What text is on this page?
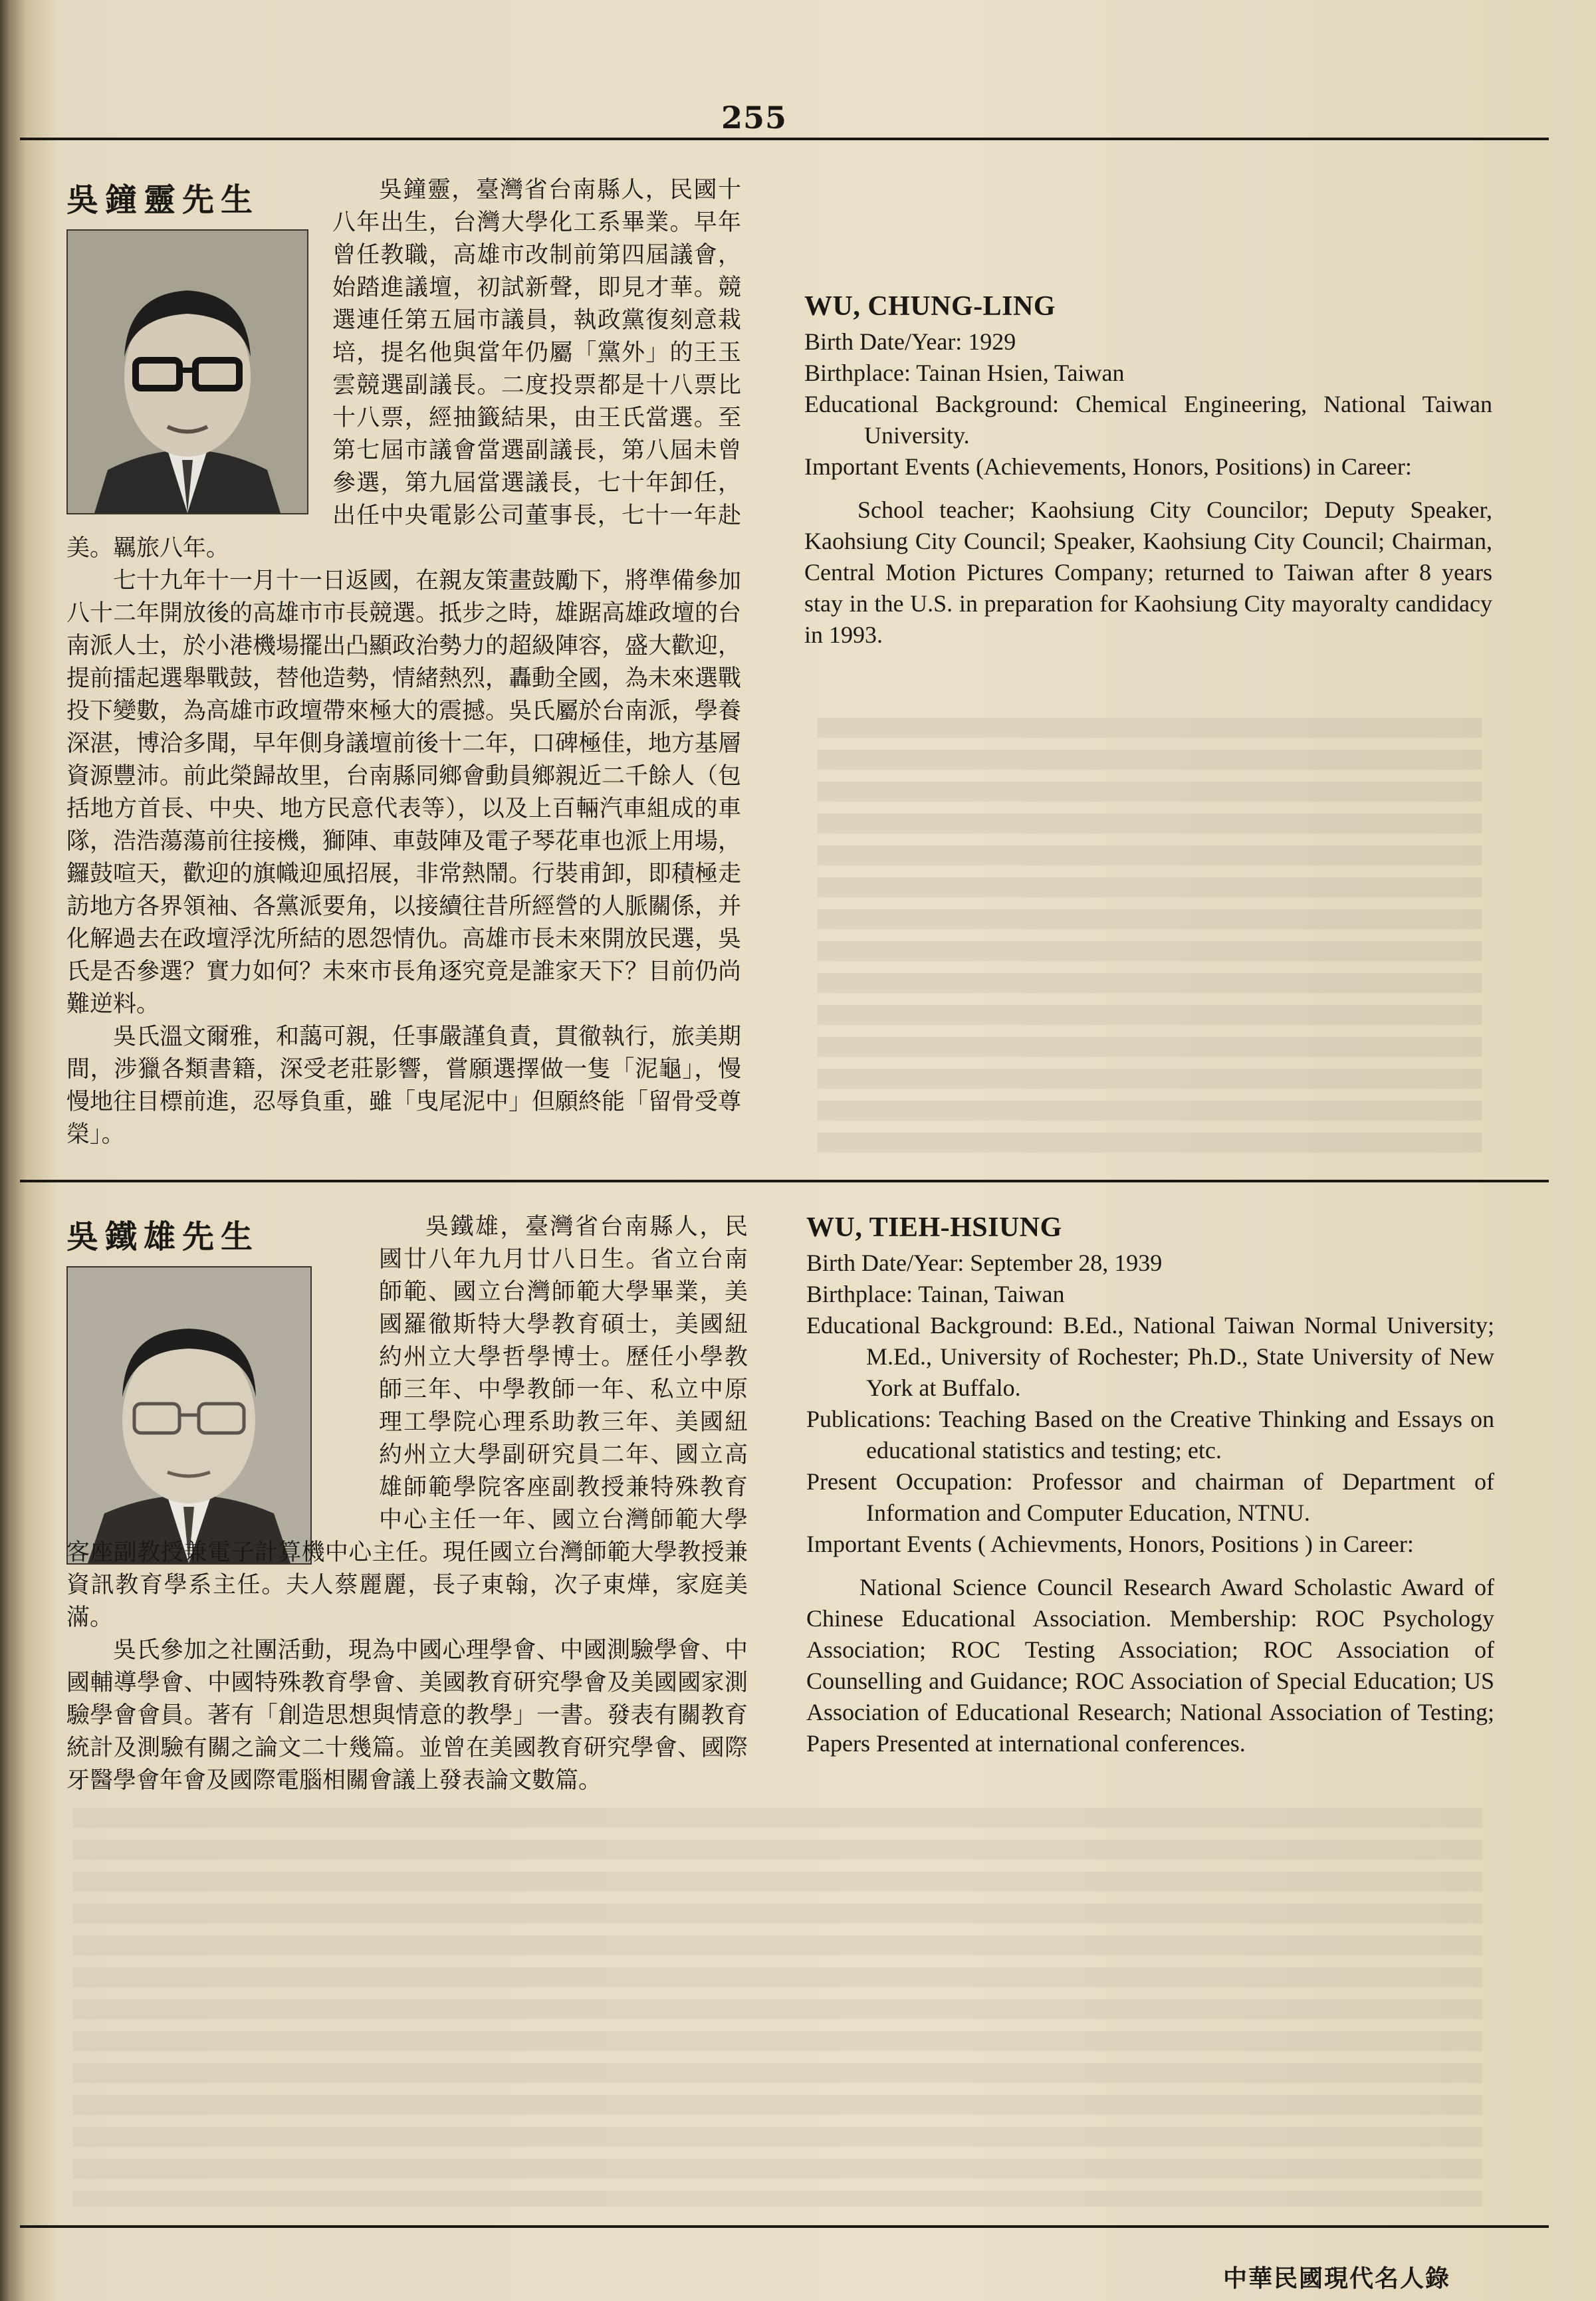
255
吳鐘靈先生	吳鐘靈，臺灣省台南縣人，民國十八年出生，台灣大學化工系畢業。早年曾任教職，高雄市改制前第四屆議會，始踏進議壇，初試新聲，即見才華。競選連任第五屆市議員，執政黨復刻意栽培，提名他與當年仍屬「黨外」的王玉雲競選副議長。二度投票都是十八票比十八票，經抽籤結果，由王氏當選。至第七屆市議會當選副議長，第八屆未曾參選，第九屆當選議長，七十年卸任，出任中央電影公司董事長，七十一年赴美。羈旅八年。

七十九年十一月十一日返國，在親友策畫鼓勵下，將準備參加八十二年開放後的高雄市市長競選。抵步之時，雄踞高雄政壇的台南派人士，於小港機場擺出凸顯政治勢力的超級陣容，盛大歡迎，提前擂起選舉戰鼓，替他造勢，情緒熱烈，轟動全國，為未來選戰投下變數，為高雄市政壇帶來極大的震撼。吳氏屬於台南派，學養深湛，博洽多聞，早年側身議壇前後十二年，口碑極佳，地方基層資源豐沛。前此榮歸故里，台南縣同鄉會動員鄉親近二千餘人（包括地方首長、中央、地方民意代表等），以及上百輛汽車組成的車隊，浩浩蕩蕩前往接機，獅陣、車鼓陣及電子琴花車也派上用場，鑼鼓喧天，歡迎的旗幟迎風招展，非常熱鬧。行裝甫卸，即積極走訪地方各界領袖、各黨派要角，以接續往昔所經營的人脈關係，并化解過去在政壇浮沈所結的恩怨情仇。高雄市長未來開放民選，吳氏是否參選？實力如何？未來市長角逐究竟是誰家天下？目前仍尚難逆料。

吳氏溫文爾雅，和藹可親，任事嚴謹負責，貫徹執行，旅美期間，涉獵各類書籍，深受老莊影響，嘗願選擇做一隻「泥龜」，慢慢地往目標前進，忍辱負重，雖「曳尾泥中」但願終能「留骨受尊榮」。

WU, CHUNG-LING
Birth Date/Year: 1929
Birthplace: Tainan Hsien, Taiwan
Educational Background: Chemical Engineering, National Taiwan University.
Important Events (Achievements, Honors, Positions) in Career:
School teacher; Kaohsiung City Councilor; Deputy Speaker, Kaohsiung City Council; Speaker, Kaohsiung City Council; Chairman, Central Motion Pictures Company; returned to Taiwan after 8 years stay in the U.S. in preparation for Kaohsiung City mayoralty candidacy in 1993.
吳鐵雄先生	吳鐵雄，臺灣省台南縣人，民國廿八年九月廿八日生。省立台南師範、國立台灣師範大學畢業，美國羅徹斯特大學教育碩士，美國紐約州立大學哲學博士。歷任小學教師三年、中學教師一年、私立中原理工學院心理系助教三年、美國紐約州立大學副研究員二年、國立高雄師範學院客座副教授兼特殊教育中心主任一年、國立台灣師範大學客座副教授兼電子計算機中心主任。現任國立台灣師範大學教授兼資訊教育學系主任。夫人蔡麗麗，長子東翰，次子東燁，家庭美滿。

吳氏參加之社團活動，現為中國心理學會、中國測驗學會、中國輔導學會、中國特殊教育學會、美國教育研究學會及美國國家測驗學會會員。著有「創造思想與情意的教學」一書。發表有關教育統計及測驗有關之論文二十幾篇。並曾在美國教育研究學會、國際牙醫學會年會及國際電腦相關會議上發表論文數篇。

WU, TIEH-HSIUNG
Birth Date/Year: September 28, 1939
Birthplace: Tainan, Taiwan
Educational Background: B.Ed., National Taiwan Normal University; M.Ed., University of Rochester; Ph.D., State University of New York at Buffalo.
Publications: Teaching Based on the Creative Thinking and Essays on educational statistics and testing; etc.
Present Occupation: Professor and chairman of Department of Information and Computer Education, NTNU.
Important Events ( Achievments, Honors, Positions ) in Career:
National Science Council Research Award Scholastic Award of Chinese Educational Association. Membership: ROC Psychology Association; ROC Testing Association; ROC Association of Counselling and Guidance; ROC Association of Special Education; US Association of Educational Research; National Association of Testing; Papers Presented at international conferences.
中華民國現代名人錄
